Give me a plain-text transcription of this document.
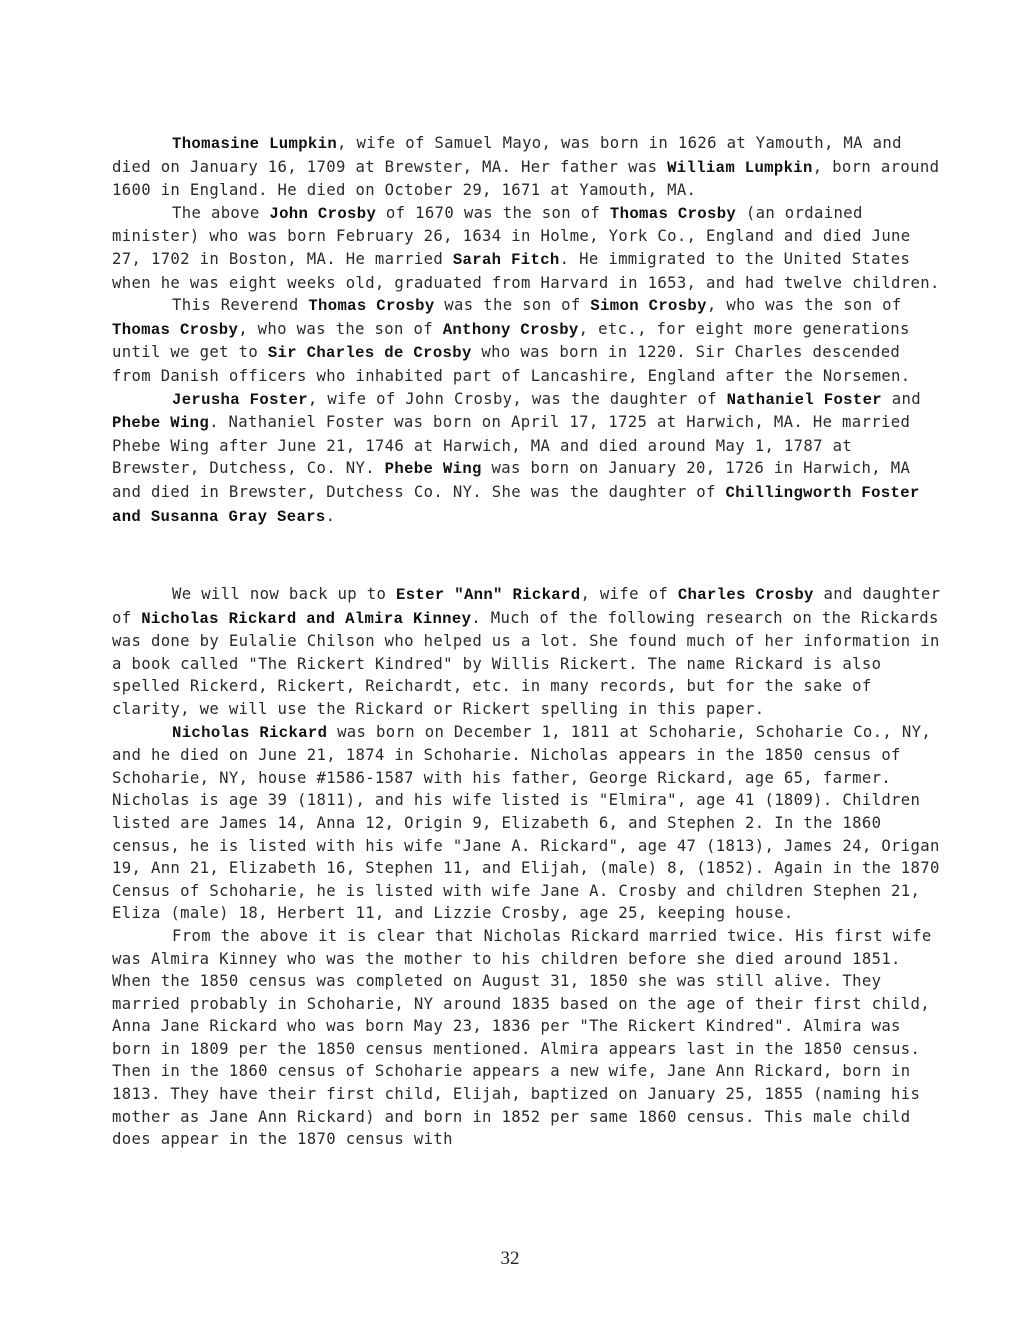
Thomasine Lumpkin, wife of Samuel Mayo, was born in 1626 at Yamouth, MA and died on January 16, 1709 at Brewster, MA. Her father was William Lumpkin, born around 1600 in England. He died on October 29, 1671 at Yamouth, MA.

The above John Crosby of 1670 was the son of Thomas Crosby (an ordained minister) who was born February 26, 1634 in Holme, York Co., England and died June 27, 1702 in Boston, MA. He married Sarah Fitch. He immigrated to the United States when he was eight weeks old, graduated from Harvard in 1653, and had twelve children.

This Reverend Thomas Crosby was the son of Simon Crosby, who was the son of Thomas Crosby, who was the son of Anthony Crosby, etc., for eight more generations until we get to Sir Charles de Crosby who was born in 1220. Sir Charles descended from Danish officers who inhabited part of Lancashire, England after the Norsemen.

Jerusha Foster, wife of John Crosby, was the daughter of Nathaniel Foster and Phebe Wing. Nathaniel Foster was born on April 17, 1725 at Harwich, MA. He married Phebe Wing after June 21, 1746 at Harwich, MA and died around May 1, 1787 at Brewster, Dutchess, Co. NY. Phebe Wing was born on January 20, 1726 in Harwich, MA and died in Brewster, Dutchess Co. NY. She was the daughter of Chillingworth Foster and Susanna Gray Sears.

We will now back up to Ester "Ann" Rickard, wife of Charles Crosby and daughter of Nicholas Rickard and Almira Kinney. Much of the following research on the Rickards was done by Eulalie Chilson who helped us a lot. She found much of her information in a book called "The Rickert Kindred" by Willis Rickert. The name Rickard is also spelled Rickerd, Rickert, Reichardt, etc. in many records, but for the sake of clarity, we will use the Rickard or Rickert spelling in this paper.

Nicholas Rickard was born on December 1, 1811 at Schoharie, Schoharie Co., NY, and he died on June 21, 1874 in Schoharie. Nicholas appears in the 1850 census of Schoharie, NY, house #1586-1587 with his father, George Rickard, age 65, farmer. Nicholas is age 39 (1811), and his wife listed is "Elmira", age 41 (1809). Children listed are James 14, Anna 12, Origin 9, Elizabeth 6, and Stephen 2. In the 1860 census, he is listed with his wife "Jane A. Rickard", age 47 (1813), James 24, Origan 19, Ann 21, Elizabeth 16, Stephen 11, and Elijah, (male) 8, (1852). Again in the 1870 Census of Schoharie, he is listed with wife Jane A. Crosby and children Stephen 21, Eliza (male) 18, Herbert 11, and Lizzie Crosby, age 25, keeping house.

From the above it is clear that Nicholas Rickard married twice. His first wife was Almira Kinney who was the mother to his children before she died around 1851. When the 1850 census was completed on August 31, 1850 she was still alive. They married probably in Schoharie, NY around 1835 based on the age of their first child, Anna Jane Rickard who was born May 23, 1836 per "The Rickert Kindred". Almira was born in 1809 per the 1850 census mentioned. Almira appears last in the 1850 census. Then in the 1860 census of Schoharie appears a new wife, Jane Ann Rickard, born in 1813. They have their first child, Elijah, baptized on January 25, 1855 (naming his mother as Jane Ann Rickard) and born in 1852 per same 1860 census. This male child does appear in the 1870 census with

32
